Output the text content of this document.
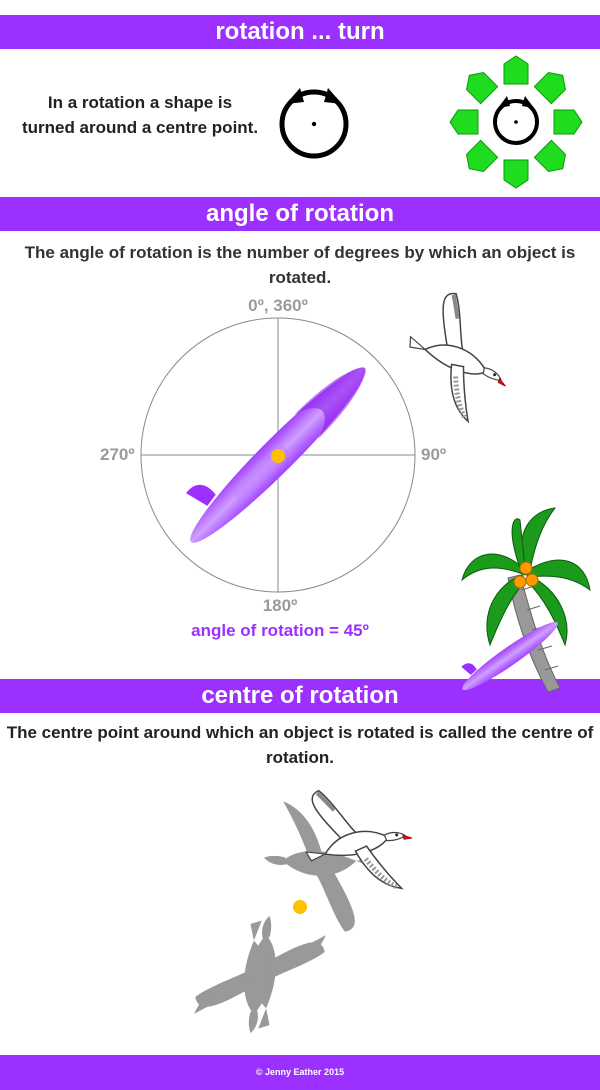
rotation ... turn
In a rotation a shape is turned around a centre point.
angle of rotation
The angle of rotation is the number of degrees by which an object is rotated.
0º, 360º
90º
180º
270º
angle of rotation = 45º
centre of rotation
The centre point around which an object is rotated is called the centre of rotation.
© Jenny Eather 2015
